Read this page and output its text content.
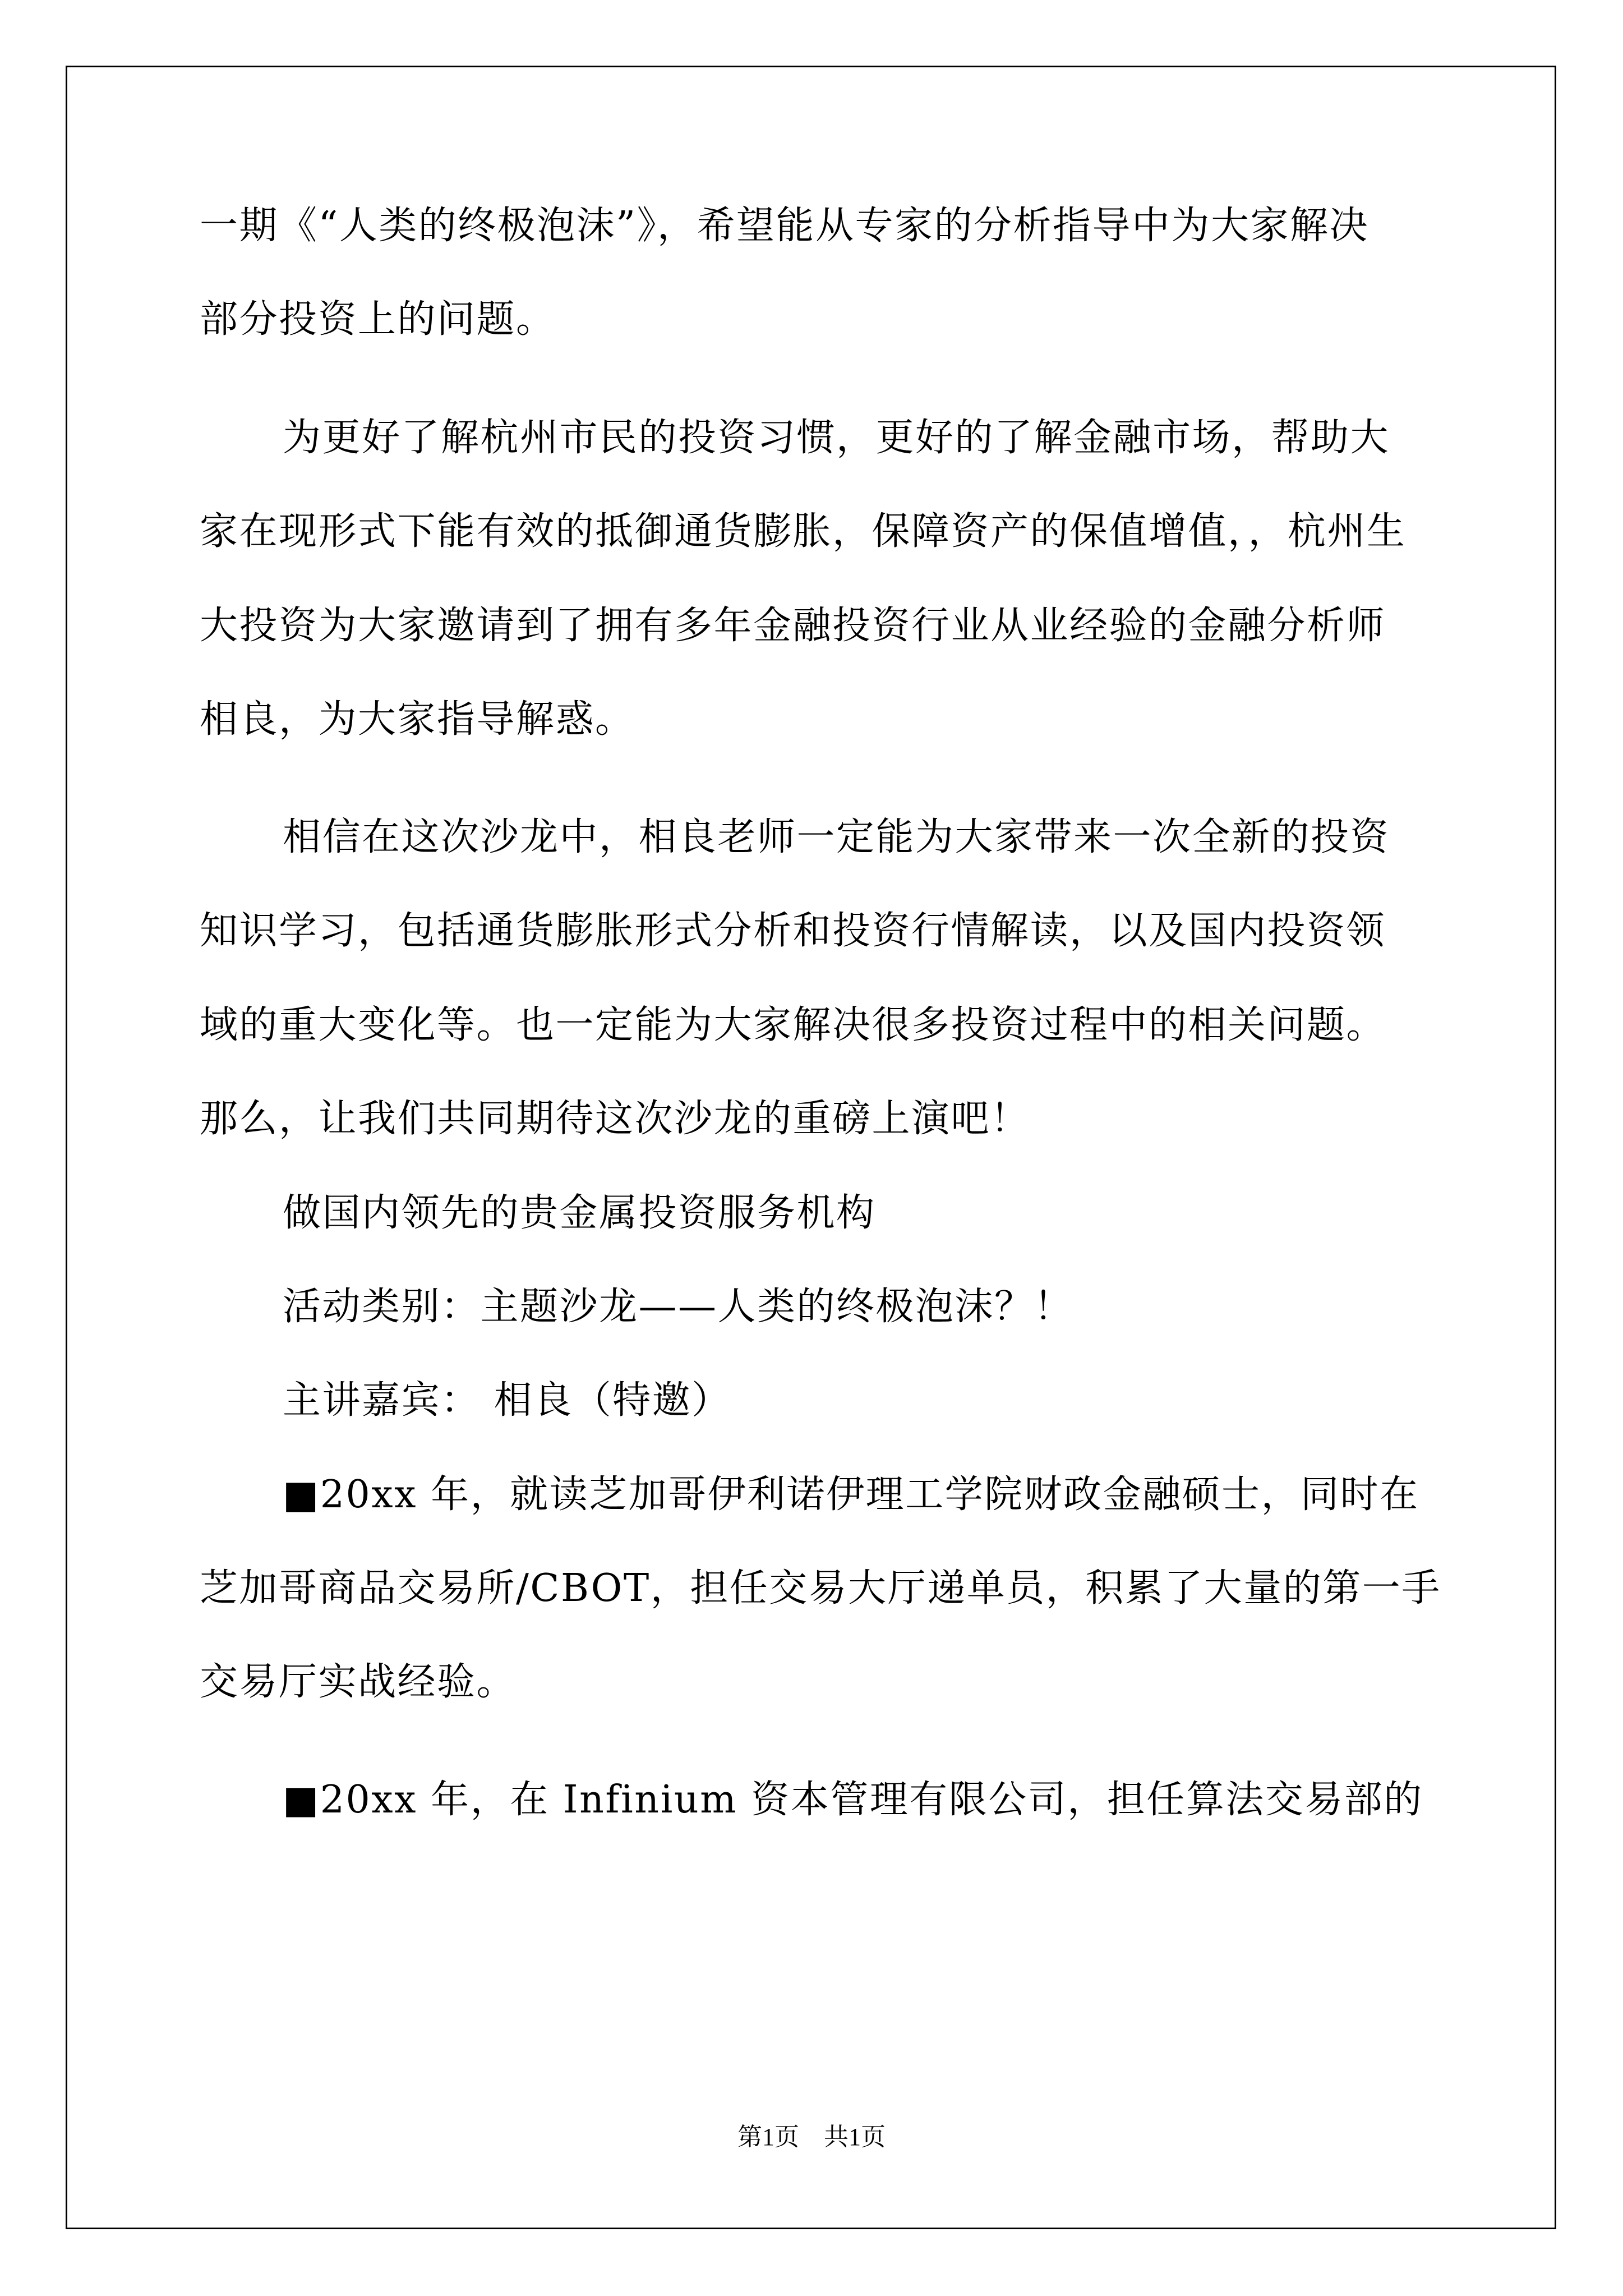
一期《“人类的终极泡沫”》，希望能从专家的分析指导中为大家解决
部分投资上的问题。
为更好了解杭州市民的投资习惯，更好的了解金融市场，帮助大
家在现形式下能有效的抵御通货膨胀，保障资产的保值增值，，杭州生
大投资为大家邀请到了拥有多年金融投资行业从业经验的金融分析师
相良，为大家指导解惑。
相信在这次沙龙中，相良老师一定能为大家带来一次全新的投资
知识学习，包括通货膨胀形式分析和投资行情解读，以及国内投资领
域的重大变化等。也一定能为大家解决很多投资过程中的相关问题。
那么，让我们共同期待这次沙龙的重磅上演吧！
做国内领先的贵金属投资服务机构
活动类别：主题沙龙——人类的终极泡沫？！
主讲嘉宾： 相良（特邀）
■20xx 年，就读芝加哥伊利诺伊理工学院财政金融硕士，同时在
芝加哥商品交易所/CBOT，担任交易大厅递单员，积累了大量的第一手
交易厅实战经验。
■20xx 年，在 Infinium 资本管理有限公司，担任算法交易部的
第1页 共1页
